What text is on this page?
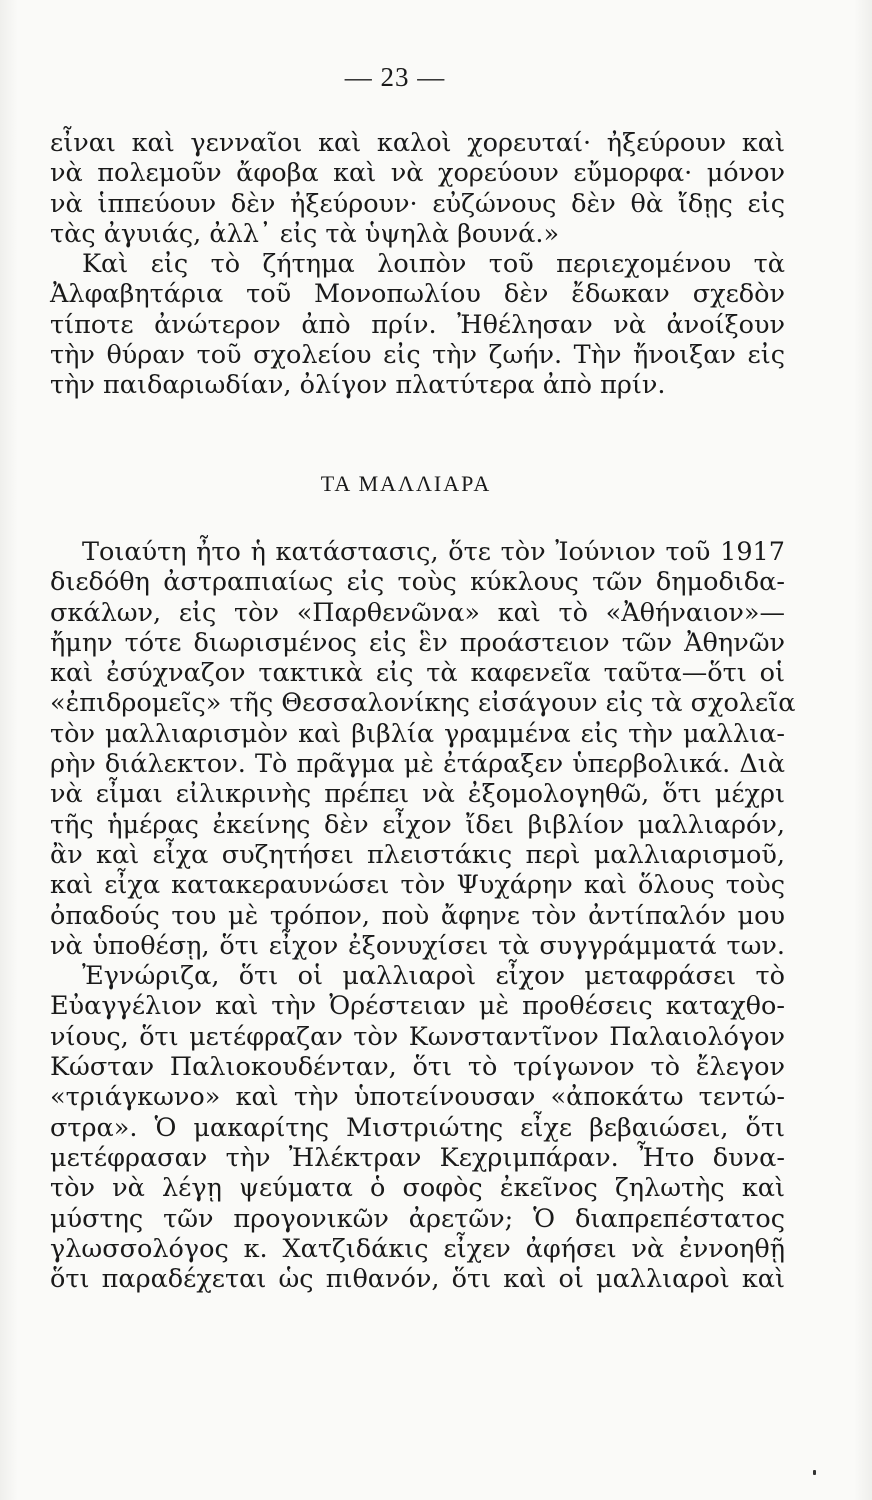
— 23 —
εἶναι καὶ γενναῖοι καὶ καλοὶ χορευταί· ἠξεύρουν καὶ
νὰ πολεμοῦν ἄφοβα καὶ νὰ χορεύουν εὔμορφα· μόνον
νὰ ἱππεύουν δὲν ἠξεύρουν· εὐζώνους δὲν θὰ ἴδῃς εἰς
τὰς ἀγυιάς, ἀλλ᾽ εἰς τὰ ὑψηλὰ βουνά.»
Καὶ εἰς τὸ ζήτημα λοιπὸν τοῦ περιεχομένου τὰ
Ἀλφαβητάρια τοῦ Μονοπωλίου δὲν ἔδωκαν σχεδὸν
τίποτε ἀνώτερον ἀπὸ πρίν. Ἠθέλησαν νὰ ἀνοίξουν
τὴν θύραν τοῦ σχολείου εἰς τὴν ζωήν. Τὴν ἤνοιξαν εἰς
τὴν παιδαριωδίαν, ὀλίγον πλατύτερα ἀπὸ πρίν.
ΤΑ ΜΑΛΛΙΑΡΑ
Τοιαύτη ἦτο ἡ κατάστασις, ὅτε τὸν Ἰούνιον τοῦ 1917
διεδόθη ἀστραπιαίως εἰς τοὺς κύκλους τῶν δημοδιδα-
σκάλων, εἰς τὸν «Παρθενῶνα» καὶ τὸ «Ἀθήναιον»—
ἤμην τότε διωρισμένος εἰς ἓν προάστειον τῶν Ἀθηνῶν
καὶ ἐσύχναζον τακτικὰ εἰς τὰ καφενεῖα ταῦτα—ὅτι οἱ
«ἐπιδρομεῖς» τῆς Θεσσαλονίκης εἰσάγουν εἰς τὰ σχολεῖα
τὸν μαλλιαρισμὸν καὶ βιβλία γραμμένα εἰς τὴν μαλλια-
ρὴν διάλεκτον. Τὸ πρᾶγμα μὲ ἐτάραξεν ὑπερβολικά. Διὰ
νὰ εἶμαι εἰλικρινὴς πρέπει νὰ ἐξομολογηθῶ, ὅτι μέχρι
τῆς ἡμέρας ἐκείνης δὲν εἶχον ἴδει βιβλίον μαλλιαρόν,
ἂν καὶ εἶχα συζητήσει πλειστάκις περὶ μαλλιαρισμοῦ,
καὶ εἶχα κατακεραυνώσει τὸν Ψυχάρην καὶ ὅλους τοὺς
ὀπαδούς του μὲ τρόπον, ποὺ ἄφηνε τὸν ἀντίπαλόν μου
νὰ ὑποθέσῃ, ὅτι εἶχον ἐξονυχίσει τὰ συγγράμματά των.
Ἐγνώριζα, ὅτι οἱ μαλλιαροὶ εἶχον μεταφράσει τὸ
Εὐαγγέλιον καὶ τὴν Ὀρέστειαν μὲ προθέσεις καταχθο-
νίους, ὅτι μετέφραζαν τὸν Κωνσταντῖνον Παλαιολόγον
Κώσταν Παλιοκουδένταν, ὅτι τὸ τρίγωνον τὸ ἔλεγον
«τριάγκωνο» καὶ τὴν ὑποτείνουσαν «ἀποκάτω τεντώ-
στρα». Ὁ μακαρίτης Μιστριώτης εἶχε βεβαιώσει, ὅτι
μετέφρασαν τὴν Ἠλέκτραν Κεχριμπάραν. Ἦτο δυνα-
τὸν νὰ λέγῃ ψεύματα ὁ σοφὸς ἐκεῖνος ζηλωτὴς καὶ
μύστης τῶν προγονικῶν ἀρετῶν; Ὁ διαπρεπέστατος
γλωσσολόγος κ. Χατζιδάκις εἶχεν ἀφήσει νὰ ἐννοηθῇ
ὅτι παραδέχεται ὡς πιθανόν, ὅτι καὶ οἱ μαλλιαροὶ καὶ
